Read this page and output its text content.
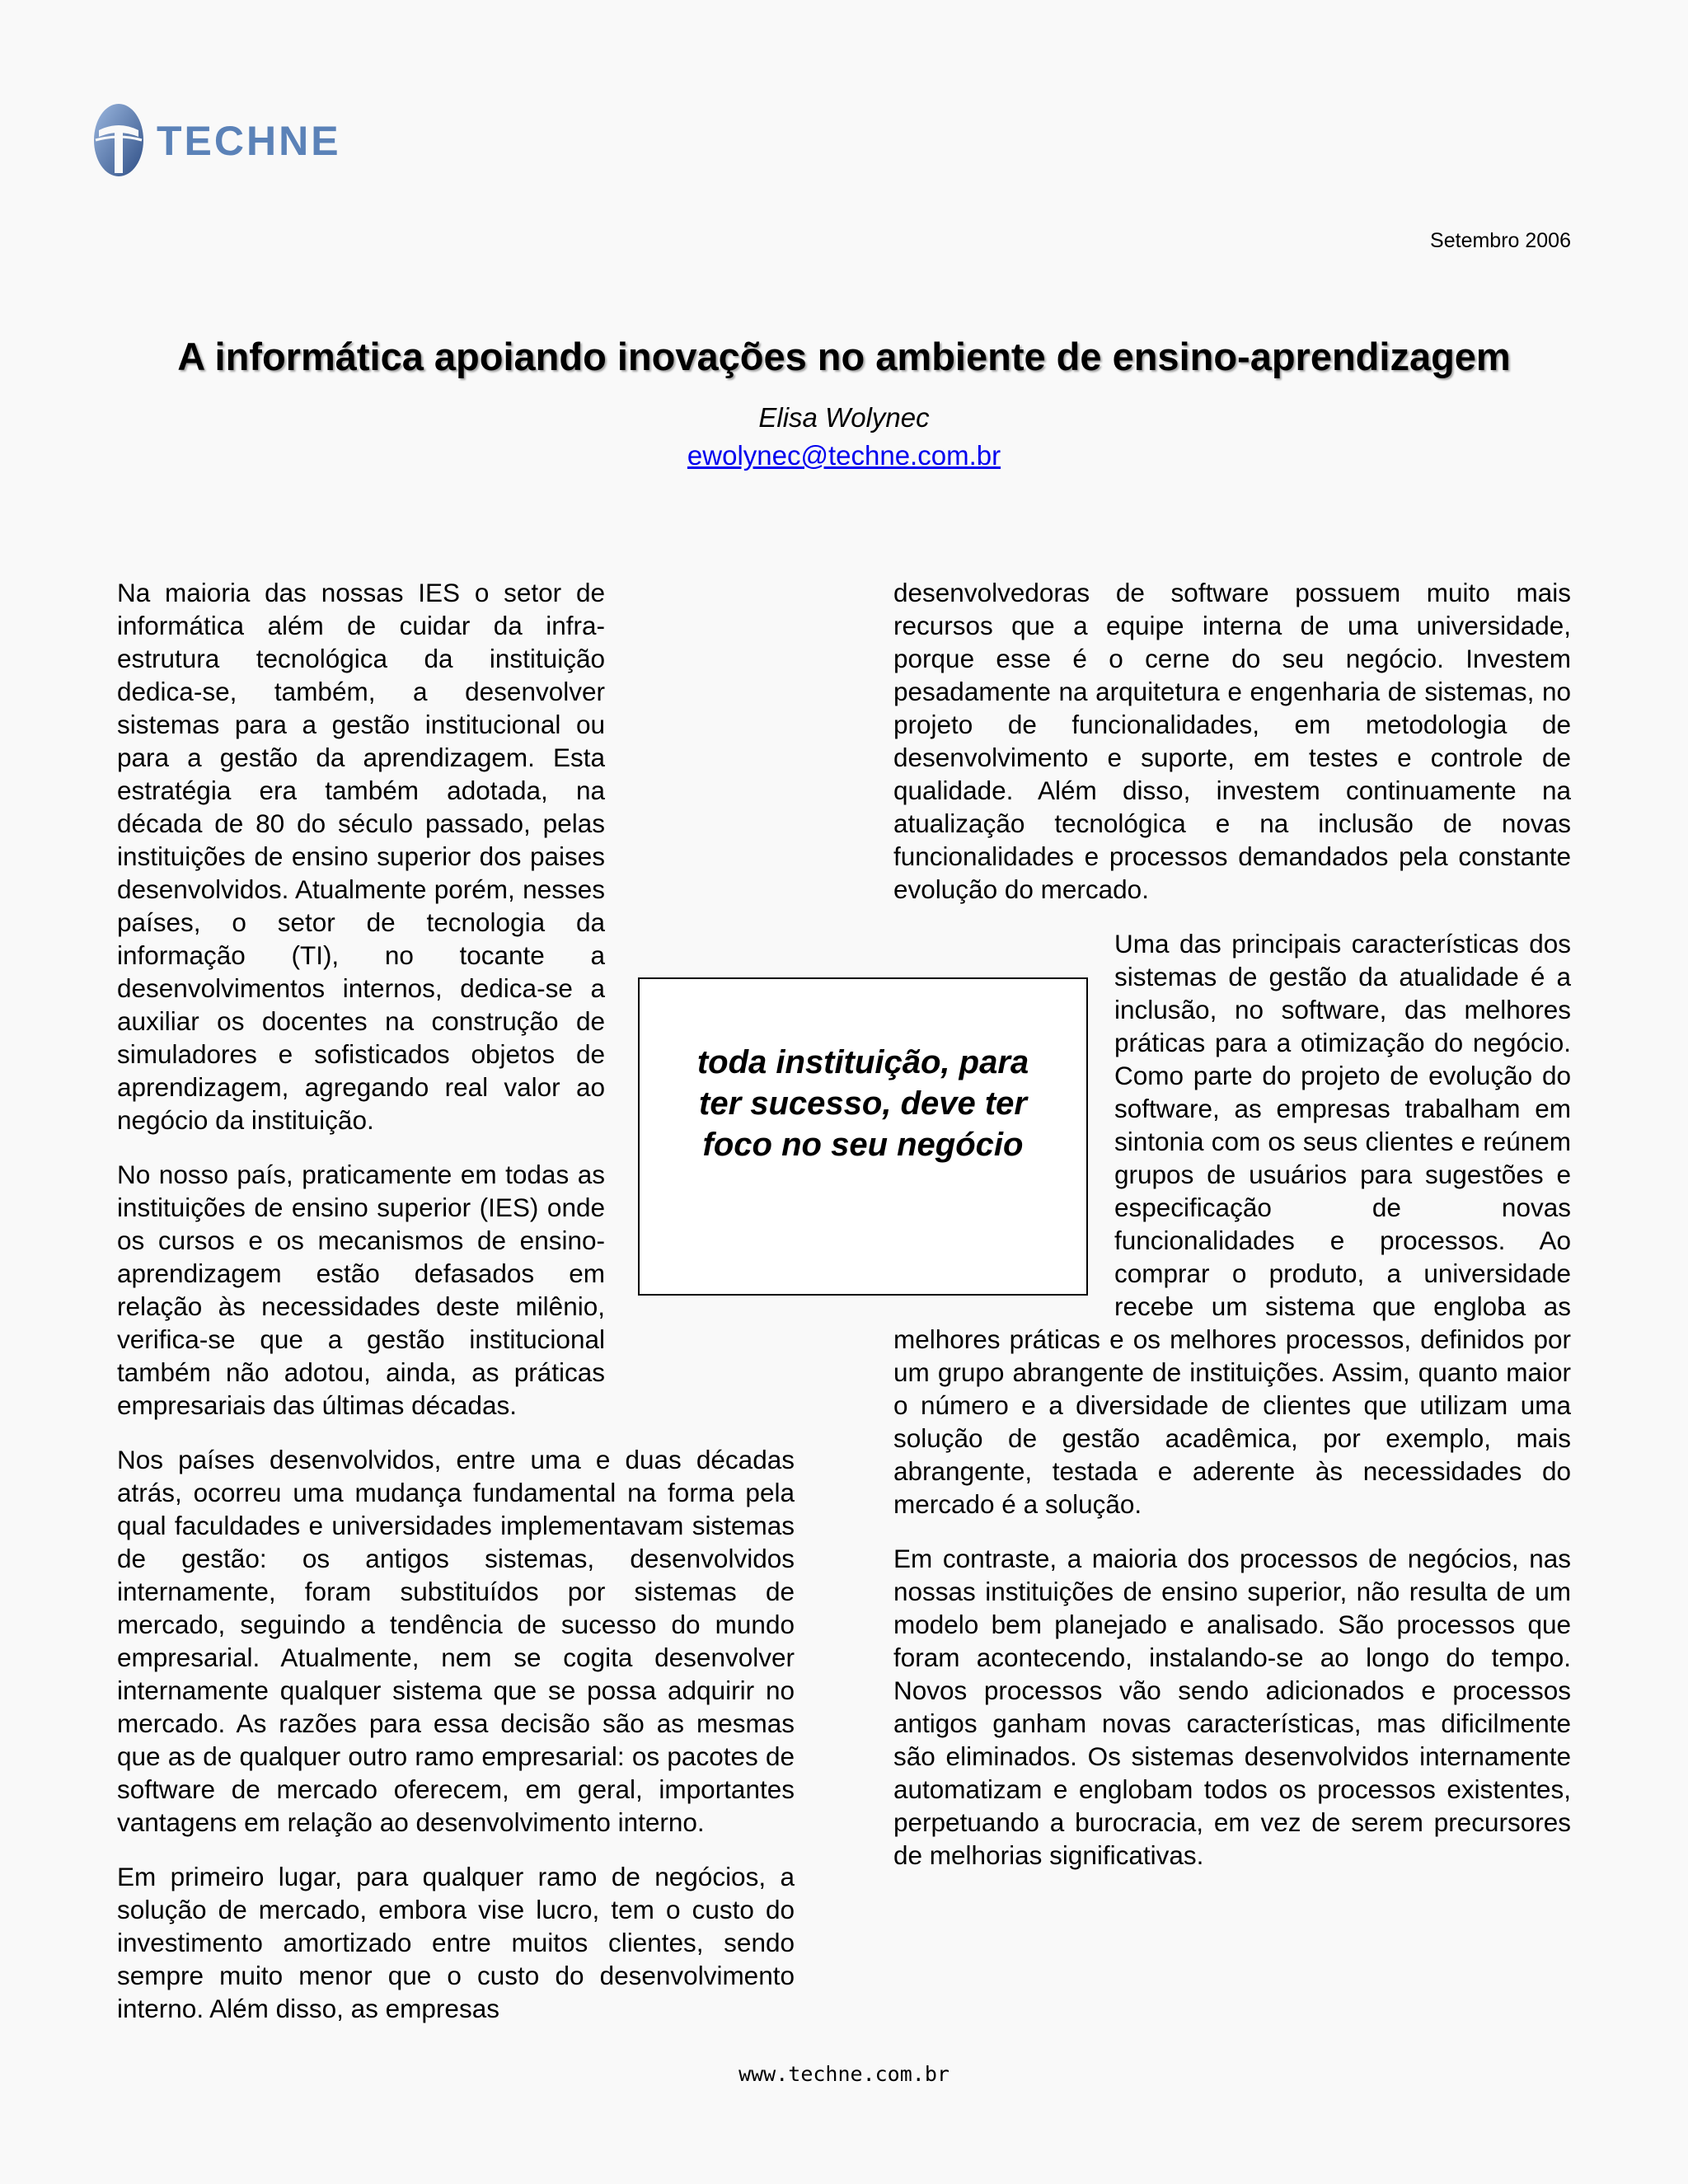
TECHNE
Setembro 2006
A informática apoiando inovações no ambiente de ensino-aprendizagem
Elisa Wolynec
ewolynec@techne.com.br

Na maioria das nossas IES o setor de informática além de cuidar da infra-estrutura tecnológica da instituição dedica-se, também, a desenvolver sistemas para a gestão institucional ou para a gestão da aprendizagem. Esta estratégia era também adotada, na década de 80 do século passado, pelas instituições de ensino superior dos paises desenvolvidos. Atualmente porém, nesses países, o setor de tecnologia da informação (TI), no tocante a desenvolvimentos internos, dedica-se a auxiliar os docentes na construção de simuladores e sofisticados objetos de aprendizagem, agregando real valor ao negócio da instituição.

No nosso país, praticamente em todas as instituições de ensino superior (IES) onde os cursos e os mecanismos de ensino-aprendizagem estão defasados em relação às necessidades deste milênio, verifica-se que a gestão institucional também não adotou, ainda, as práticas empresariais das últimas décadas.

Nos países desenvolvidos, entre uma e duas décadas atrás, ocorreu uma mudança fundamental na forma pela qual faculdades e universidades implementavam sistemas de gestão: os antigos sistemas, desenvolvidos internamente, foram substituídos por sistemas de mercado, seguindo a tendência de sucesso do mundo empresarial. Atualmente, nem se cogita desenvolver internamente qualquer sistema que se possa adquirir no mercado. As razões para essa decisão são as mesmas que as de qualquer outro ramo empresarial: os pacotes de software de mercado oferecem, em geral, importantes vantagens em relação ao desenvolvimento interno.

Em primeiro lugar, para qualquer ramo de negócios, a solução de mercado, embora vise lucro, tem o custo do investimento amortizado entre muitos clientes, sendo sempre muito menor que o custo do desenvolvimento interno. Além disso, as empresas

desenvolvedoras de software possuem muito mais recursos que a equipe interna de uma universidade, porque esse é o cerne do seu negócio. Investem pesadamente na arquitetura e engenharia de sistemas, no projeto de funcionalidades, em metodologia de desenvolvimento e suporte, em testes e controle de qualidade. Além disso, investem continuamente na atualização tecnológica e na inclusão de novas funcionalidades e processos demandados pela constante evolução do mercado.

Uma das principais características dos sistemas de gestão da atualidade é a inclusão, no software, das melhores práticas para a otimização do negócio. Como parte do projeto de evolução do software, as empresas trabalham em sintonia com os seus clientes e reúnem grupos de usuários para sugestões e especificação de novas funcionalidades e processos. Ao comprar o produto, a universidade recebe um sistema que engloba as melhores práticas e os melhores processos, definidos por um grupo abrangente de instituições. Assim, quanto maior o número e a diversidade de clientes que utilizam uma solução de gestão acadêmica, por exemplo, mais abrangente, testada e aderente às necessidades do mercado é a solução.

Em contraste, a maioria dos processos de negócios, nas nossas instituições de ensino superior, não resulta de um modelo bem planejado e analisado. São processos que foram acontecendo, instalando-se ao longo do tempo. Novos processos vão sendo adicionados e processos antigos ganham novas características, mas dificilmente são eliminados. Os sistemas desenvolvidos internamente automatizam e englobam todos os processos existentes, perpetuando a burocracia, em vez de serem precursores de melhorias significativas.

toda instituição, para ter sucesso, deve ter foco no seu negócio
www.techne.com.br
